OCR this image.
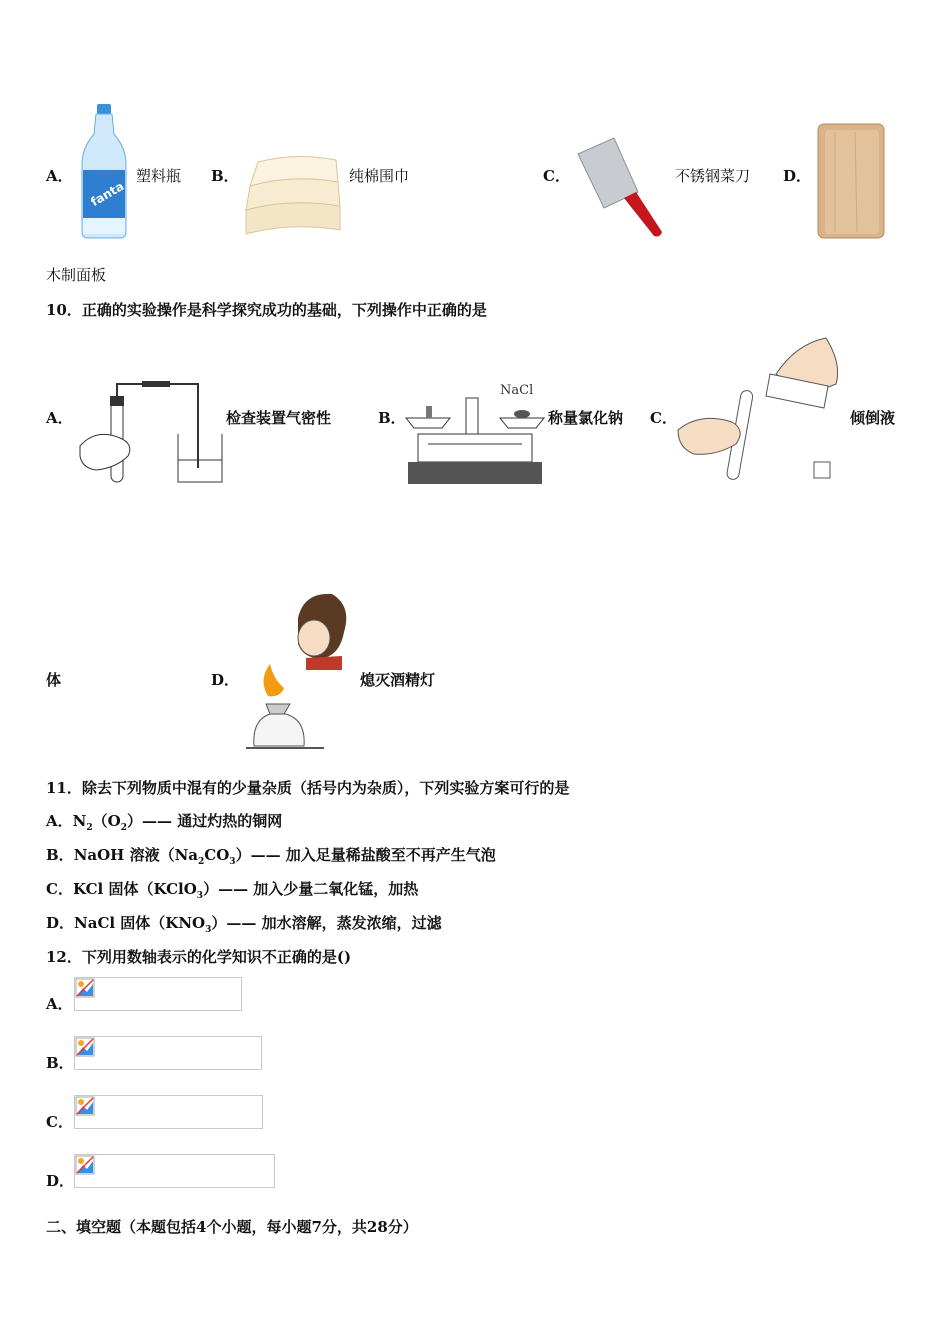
A．
fanta
塑料瓶 B．	纯棉围巾	C．	不锈钢菜刀 D．
木制面板
10．正确的实验操作是科学探究成功的基础，下列操作中正确的是
A．	检查装置气密性	B．
NaCl
称量氯化钠 C．	倾倒液
体	D．	熄灭酒精灯
11．除去下列物质中混有的少量杂质（括号内为杂质），下列实验方案可行的是
A．$N_2(O_2)——$ 通过灼热的铜网
B．NaOH 溶液$(Na_2CO_3)——$ 加入足量稀盐酸至不再产生气泡
C．KCl 固体（KClO$_3$）—— 加入少量二氧化锰，加热
D．NaCl 固体$(KNO_3)——$ 加水溶解，蒸发浓缩，过滤
12．下列用数轴表示的化学知识不正确的是()
A．
B．
C．
D．
二、填空题（本题包括4个小题，每小题7分，共28分）
